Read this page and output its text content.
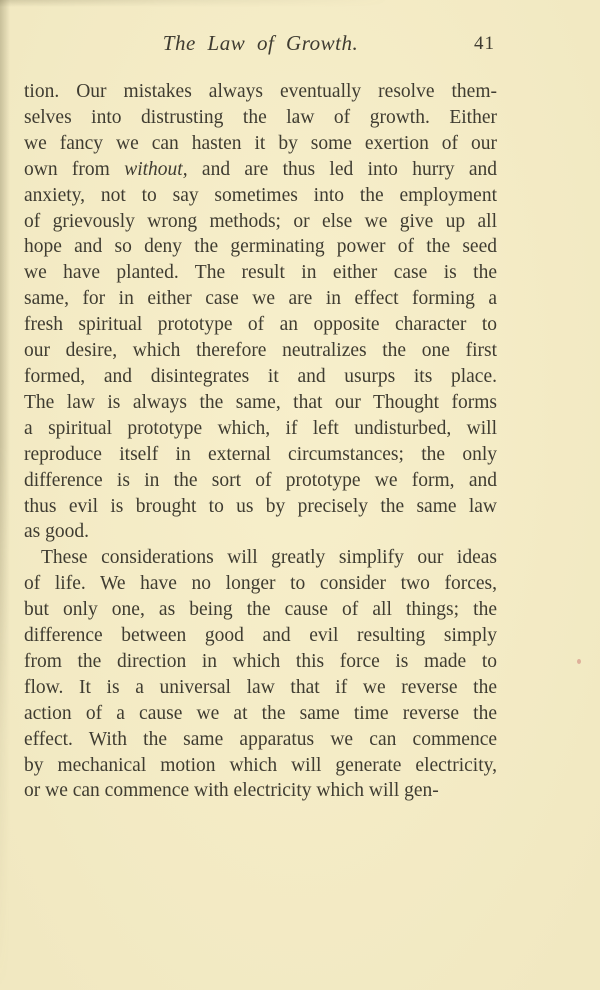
The Law of Growth.	41
tion. Our mistakes always eventually resolve them-
selves into distrusting the law of growth. Either
we fancy we can hasten it by some exertion of our
own from without, and are thus led into hurry and
anxiety, not to say sometimes into the employment
of grievously wrong methods; or else we give up all
hope and so deny the germinating power of the seed
we have planted. The result in either case is the
same, for in either case we are in effect forming a
fresh spiritual prototype of an opposite character to
our desire, which therefore neutralizes the one first
formed, and disintegrates it and usurps its place.
The law is always the same, that our Thought forms
a spiritual prototype which, if left undisturbed, will
reproduce itself in external circumstances; the only
difference is in the sort of prototype we form, and
thus evil is brought to us by precisely the same law
as good.
These considerations will greatly simplify our ideas
of life. We have no longer to consider two forces,
but only one, as being the cause of all things; the
difference between good and evil resulting simply
from the direction in which this force is made to
flow. It is a universal law that if we reverse the
action of a cause we at the same time reverse the
effect. With the same apparatus we can commence
by mechanical motion which will generate electricity,
or we can commence with electricity which will gen-
